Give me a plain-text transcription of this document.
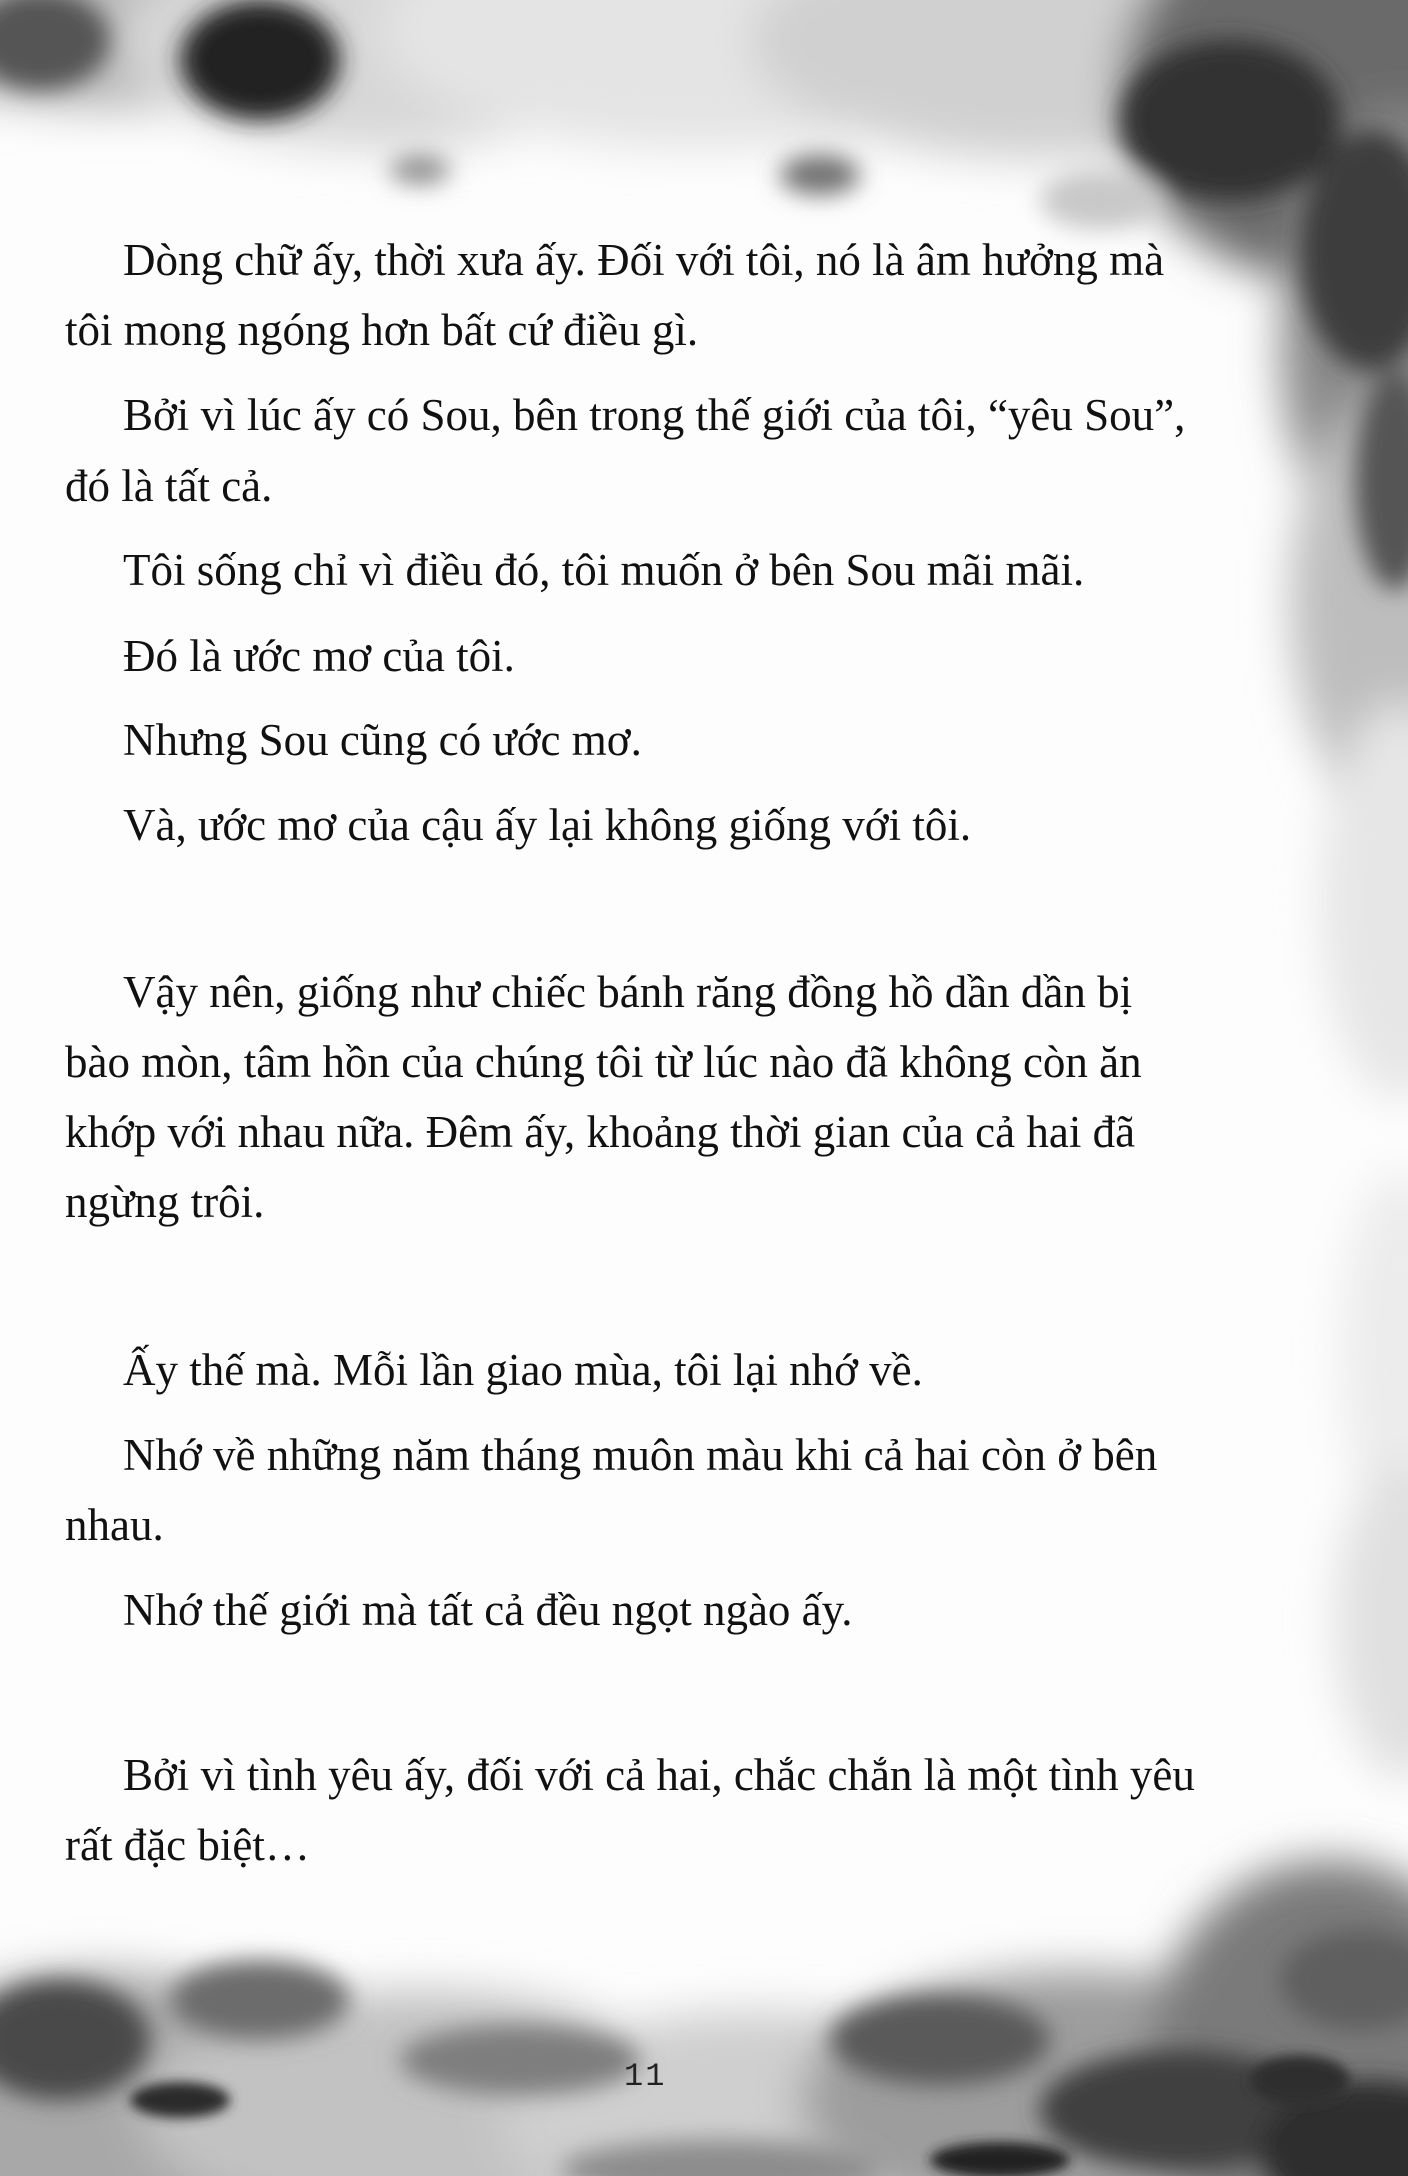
Dòng chữ ấy, thời xưa ấy. Đối với tôi, nó là âm hưởng mà
tôi mong ngóng hơn bất cứ điều gì.
Bởi vì lúc ấy có Sou, bên trong thế giới của tôi, “yêu Sou”,
đó là tất cả.
Tôi sống chỉ vì điều đó, tôi muốn ở bên Sou mãi mãi.
Đó là ước mơ của tôi.
Nhưng Sou cũng có ước mơ.
Và, ước mơ của cậu ấy lại không giống với tôi.
Vậy nên, giống như chiếc bánh răng đồng hồ dần dần bị
bào mòn, tâm hồn của chúng tôi từ lúc nào đã không còn ăn
khớp với nhau nữa. Đêm ấy, khoảng thời gian của cả hai đã
ngừng trôi.
Ấy thế mà. Mỗi lần giao mùa, tôi lại nhớ về.
Nhớ về những năm tháng muôn màu khi cả hai còn ở bên
nhau.
Nhớ thế giới mà tất cả đều ngọt ngào ấy.
Bởi vì tình yêu ấy, đối với cả hai, chắc chắn là một tình yêu
rất đặc biệt…
11
